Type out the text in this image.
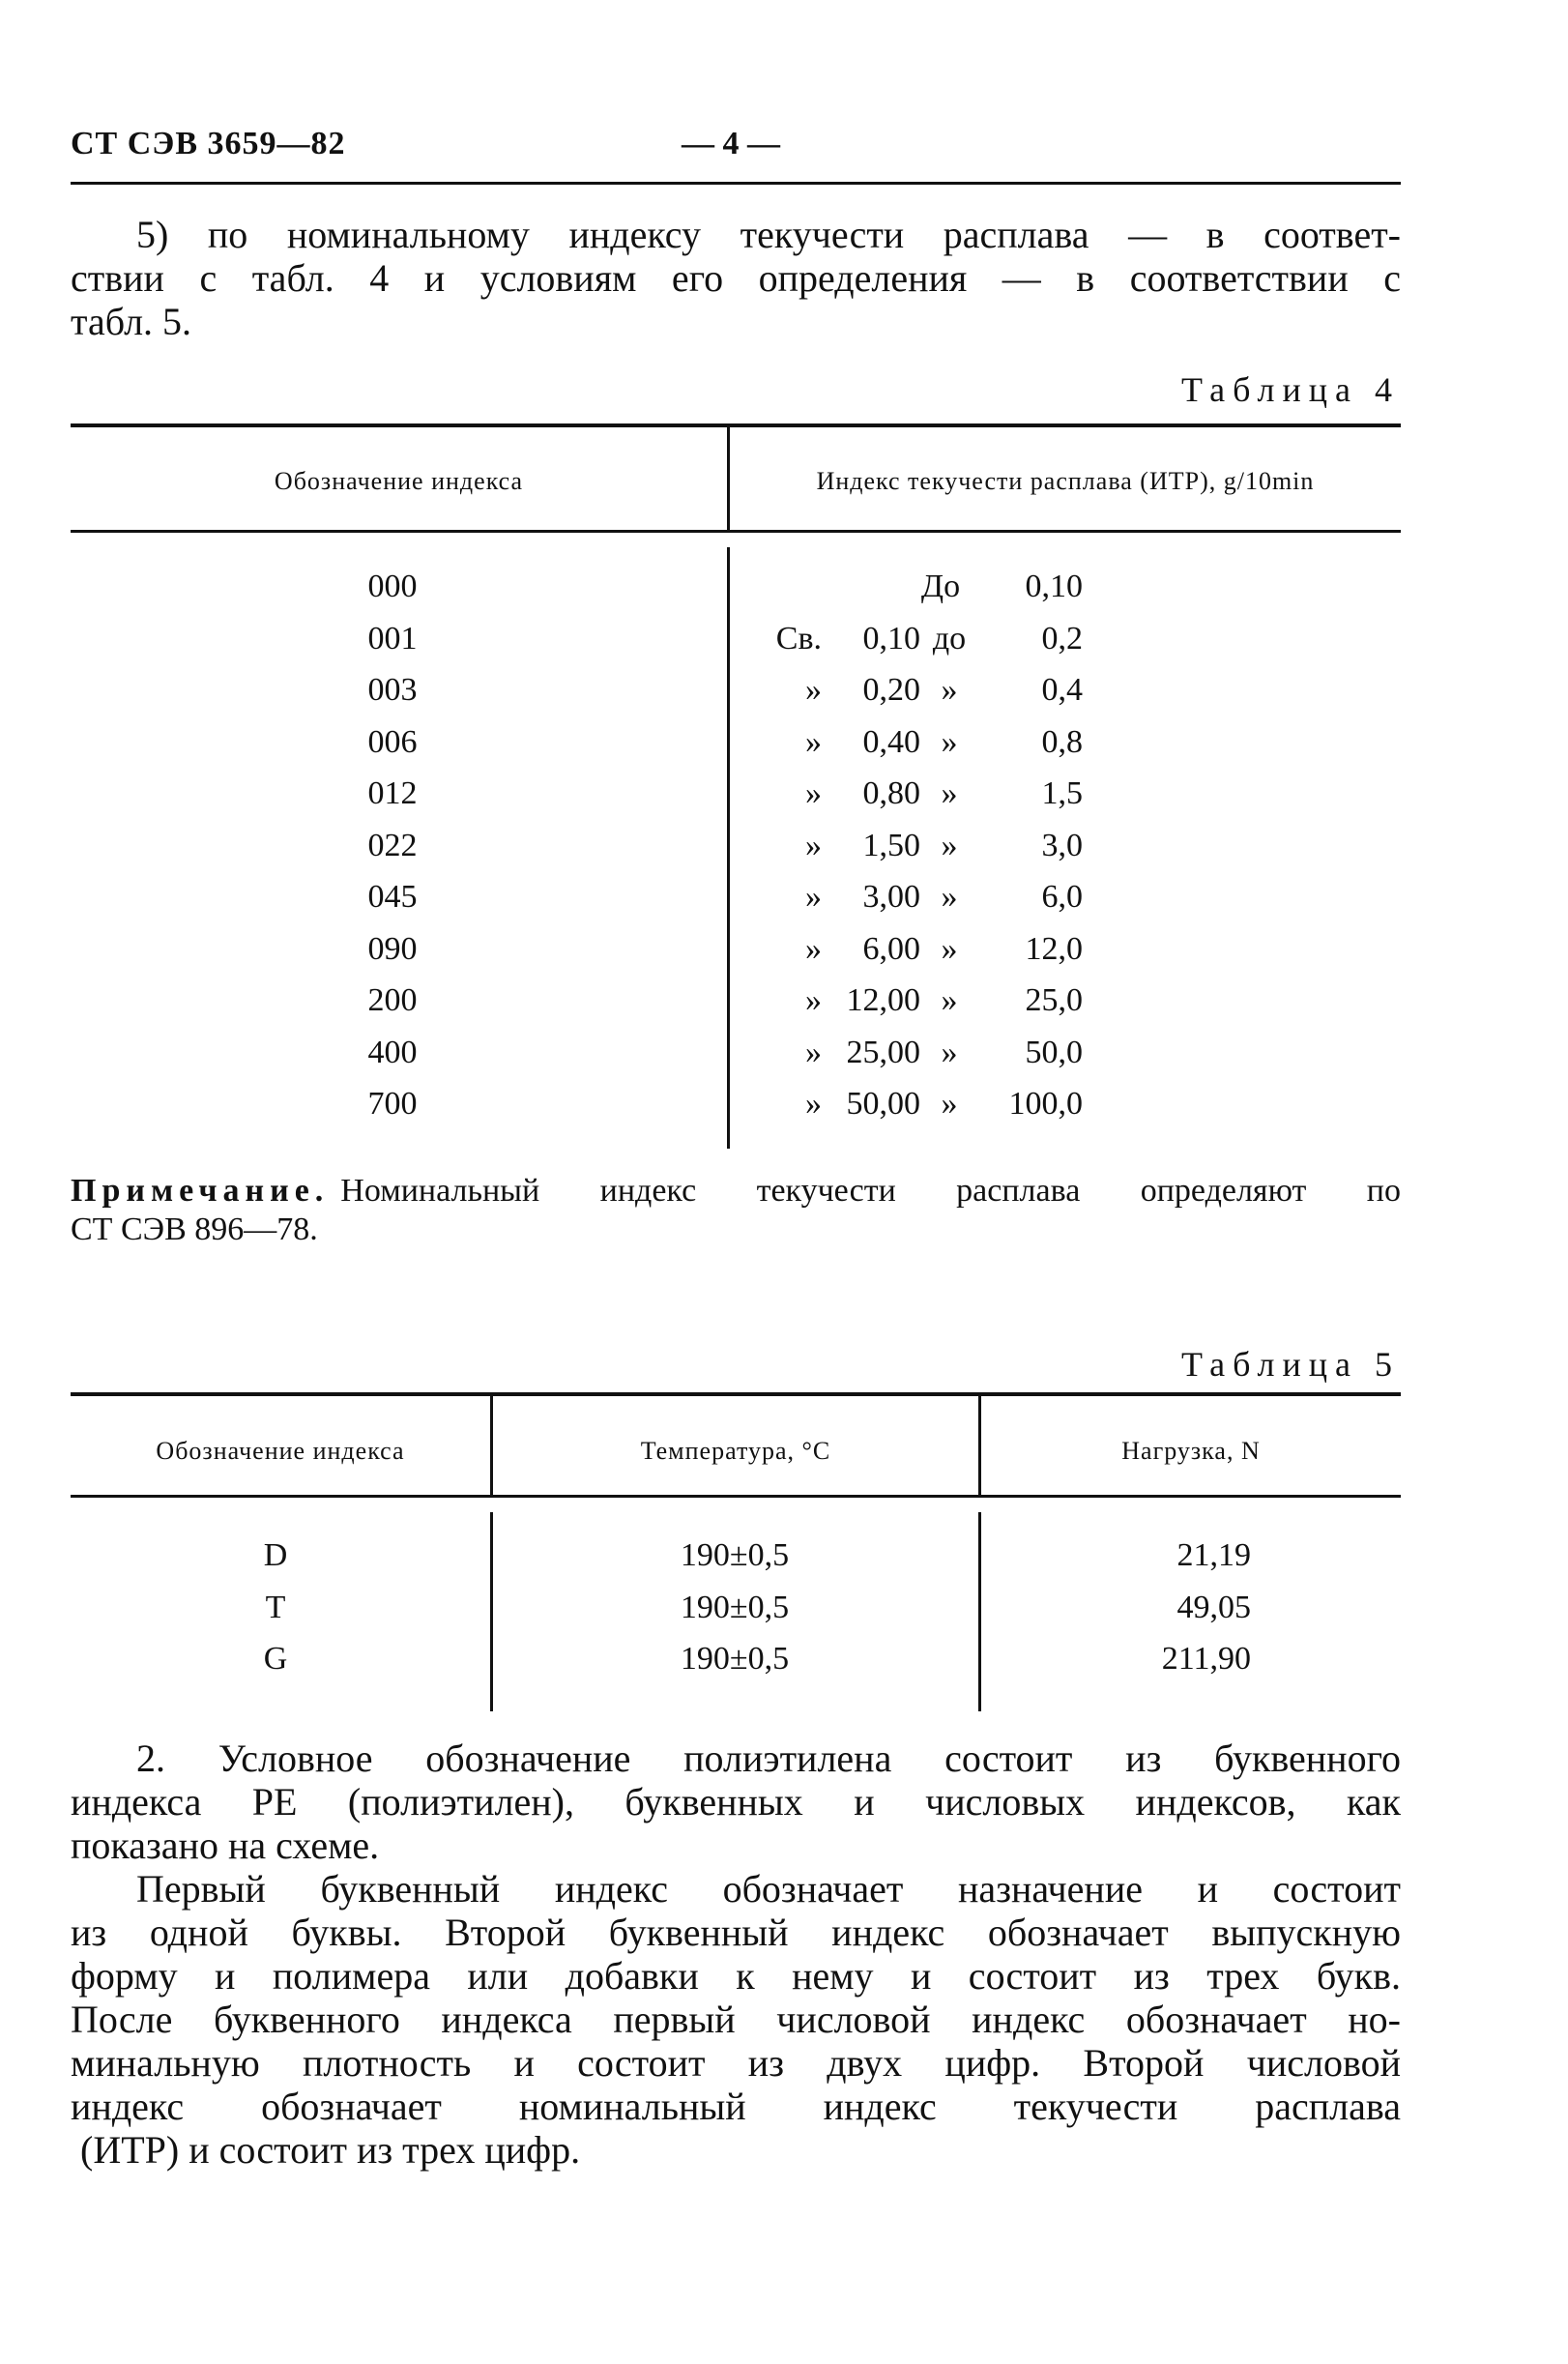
СТ СЭВ 3659—82	— 4 —
5) по номинальному индексу текучести расплава — в соответ-
ствии с табл. 4 и условиям его определения — в соответствии с
табл. 5.
Таблица 4
Обозначение индекса	Индекс текучести расплава (ИТР), g/10min
000	До	0,10
001	Св.	0,10 до	0,2
003	»	0,20 »	0,4
006	»	0,40 »	0,8
012	»	0,80 »	1,5
022	»	1,50 »	3,0
045	»	3,00 »	6,0
090	»	6,00 »	12,0
200	» 12,00 »	25,0
400	» 25,00 »	50,0
700	» 50,00 »	100,0
Примечание. Номинальный индекс текучести расплава определяют по
СТ СЭВ 896—78.
Таблица 5
Обозначение индекса	Температура, °С	Нагрузка, N
D	190±0,5	21,19
T	190±0,5	49,05
G	190±0,5	211,90
2. Условное обозначение полиэтилена состоит из буквенного
индекса РЕ (полиэтилен), буквенных и числовых индексов, как
показано на схеме.
Первый буквенный индекс обозначает назначение и состоит
из одной буквы. Второй буквенный индекс обозначает выпускную
форму и полимера или добавки к нему и состоит из трех букв.
После буквенного индекса первый числовой индекс обозначает но-
минальную плотность и состоит из двух цифр. Второй числовой
индекс обозначает номинальный индекс текучести расплава
(ИТР) и состоит из трех цифр.
